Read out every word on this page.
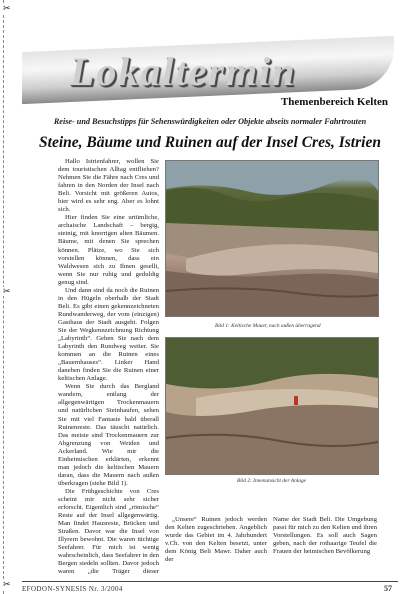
✂
✂
✂
Lokaltermin
Themenbereich Kelten
Reise- und Besuchstipps für Sehenswürdigkeiten oder Objekte abseits normaler Fahrtrouten
Steine, Bäume und Ruinen auf der Insel Cres, Istrien

Hallo Istrienfahrer, wollen Sie dem touristischen Alltag entfliehen? Nehmen Sie die Fähre nach Cres und fahren in den Norden der Insel nach Beli. Vorsicht mit größeren Autos, hier wird es sehr eng. Aber es lohnt sich.

Hier finden Sie eine urtümliche, archaische Landschaft – bergig, steinig, mit knorrigen alten Bäumen. Bäume, mit denen Sie sprechen können. Plätze, wo Sie sich vorstellen können, dass ein Waldwesen sich zu Ihnen gesellt, wenn Sie nur ruhig und geduldig genug sind.

Und dann sind da noch die Ruinen in den Hügeln oberhalb der Stadt Beli. Es gibt einen gekennzeichneten Rundwanderweg, der vom (einzigen) Gasthaus der Stadt ausgeht. Folgen Sie der Wegkennzeichnung Richtung „Labyrinth“. Gehen Sie nach dem Labyrinth den Rundweg weiter. Sie kommen an die Ruinen eines „Bauernhauses“. Linker Hand daneben finden Sie die Ruinen einer keltischen Anlage.

Wenn Sie durch das Bergland wandern, entlang der allgegenwärtigen Trockenmauern und natürlichen Steinhaufen, sehen Sie mit viel Fantasie bald überall Ruinenreste. Das täuscht natürlich. Das meiste sind Trockenmauern zur Abgrenzung von Weiden und Ackerland. Wie mir die Einheimischen erklärten, erkennt man jedoch die keltischen Mauern daran, dass die Mauern nach außen überkragen (siehe Bild 1).

Die Frühgeschichte von Cres scheint mir nicht sehr sicher erforscht. Eigentlich sind „römische“ Reste auf der Insel allgegenwärtig. Man findet Hausreste, Brücken und Straßen. Davor war die Insel von Illyrern bewohnt. Die waren tüchtige Seefahrer. Für mich ist wenig wahrscheinlich, dass Seefahrer in den Bergen siedeln sollten. Davor jedoch waren „die Träger dieser

Bild 1: Keltische Mauer, nach außen überragend
Bild 2: Innenansicht der Anlage

„Unsere“ Ruinen jedoch werden den Kelten zugeschrieben. Angeblich wurde das Gebiet im 4. Jahrhundert v.Ch. von den Kelten besetzt, unter dem König Beli Mawr. Daher auch der

Name der Stadt Beli. Die Umgebung passt für mich zu den Kelten und ihren Vorstellungen. Es soll auch Sagen geben, nach der rothaarige Teufel die Frauen der heimischen Bevölkerung

EFODON-SYNESIS Nr. 3/2004	57
